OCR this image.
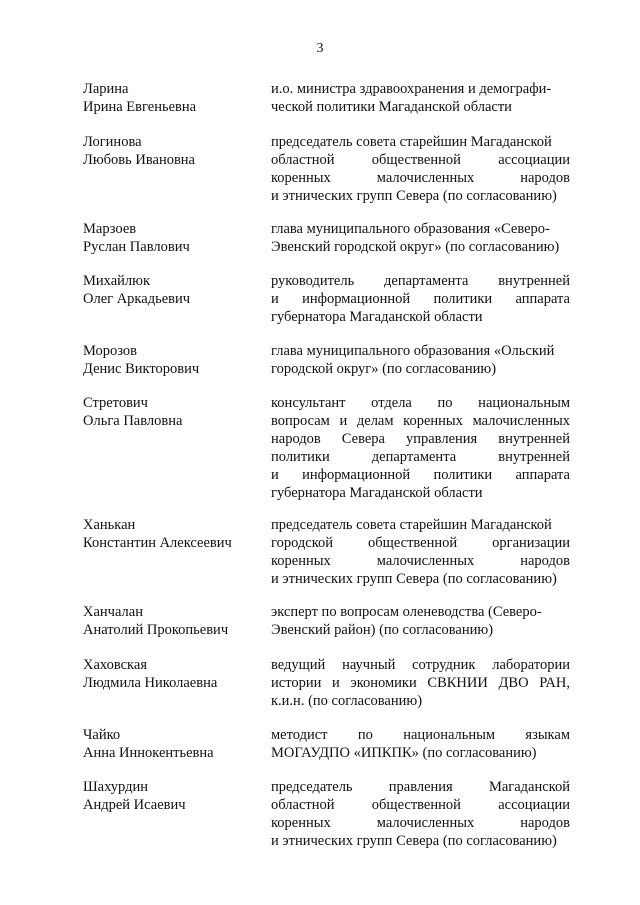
3
Ларина
Ирина Евгеньевна
и.о. министра здравоохранения и демографи-
ческой политики Магаданской области
Логинова
Любовь Ивановна
председатель совета старейшин Магаданской
областной общественной ассоциации
коренных малочисленных народов
и этнических групп Севера (по согласованию)
Марзоев
Руслан Павлович
глава муниципального образования «Северо-
Эвенский городской округ» (по согласованию)
Михайлюк
Олег Аркадьевич
руководитель департамента внутренней
и информационной политики аппарата
губернатора Магаданской области
Морозов
Денис Викторович
глава муниципального образования «Ольский
городской округ» (по согласованию)
Стретович
Ольга Павловна
консультант отдела по национальным
вопросам и делам коренных малочисленных
народов Севера управления внутренней
политики департамента внутренней
и информационной политики аппарата
губернатора Магаданской области
Ханькан
Константин Алексеевич
председатель совета старейшин Магаданской
городской общественной организации
коренных малочисленных народов
и этнических групп Севера (по согласованию)
Ханчалан
Анатолий Прокопьевич
эксперт по вопросам оленеводства (Северо-
Эвенский район) (по согласованию)
Хаховская
Людмила Николаевна
ведущий научный сотрудник лаборатории
истории и экономики СВКНИИ ДВО РАН,
к.и.н. (по согласованию)
Чайко
Анна Иннокентьевна
методист по национальным языкам
МОГАУДПО «ИПКПК» (по согласованию)
Шахурдин
Андрей Исаевич
председатель правления Магаданской
областной общественной ассоциации
коренных малочисленных народов
и этнических групп Севера (по согласованию)
